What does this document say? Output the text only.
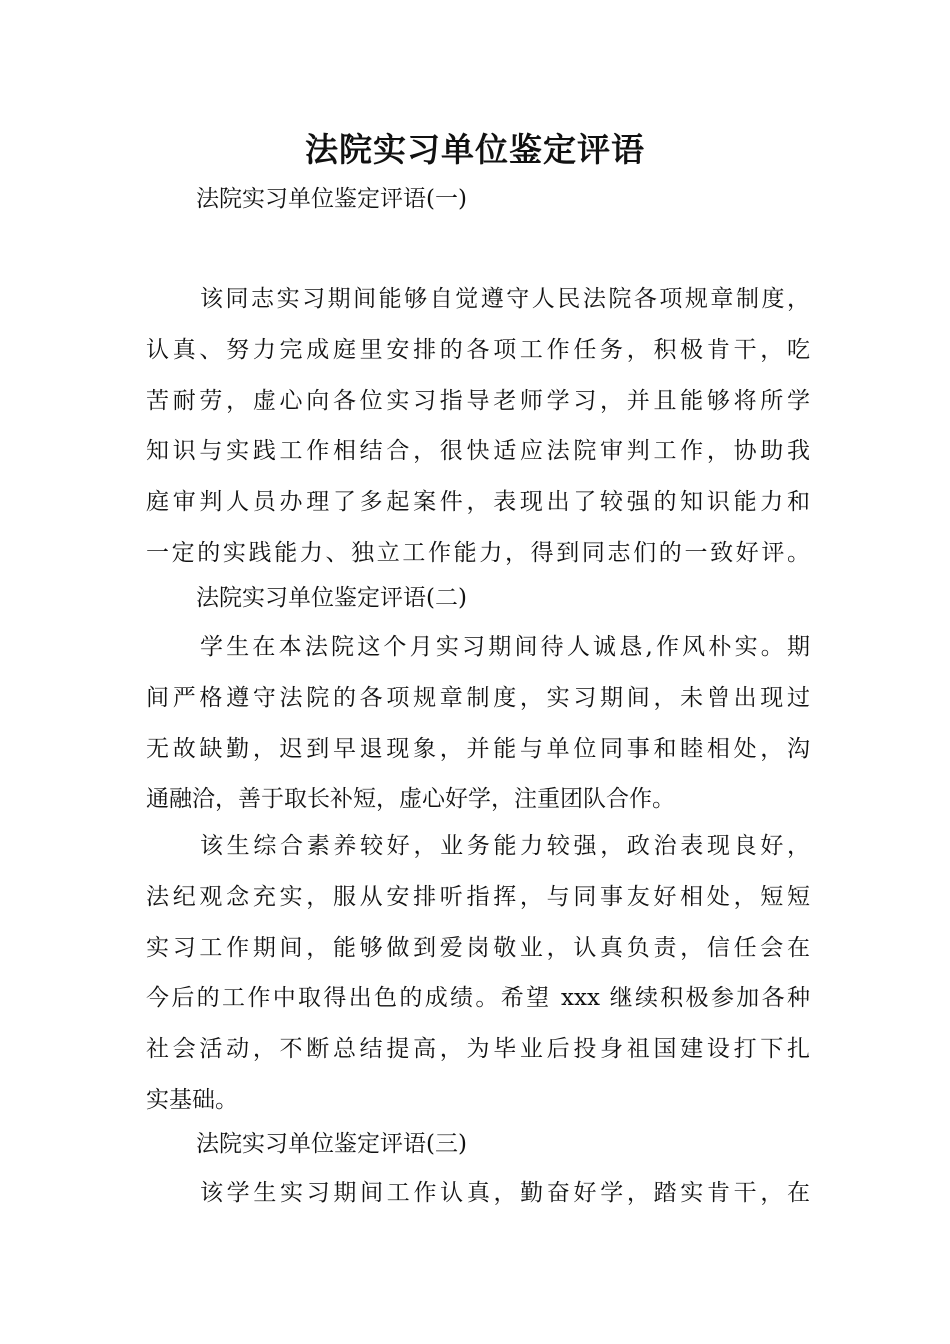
法院实习单位鉴定评语
法院实习单位鉴定评语(一)
该同志实习期间能够自觉遵守人民法院各项规章制度，
认真、努力完成庭里安排的各项工作任务，积极肯干，吃
苦耐劳，虚心向各位实习指导老师学习，并且能够将所学
知识与实践工作相结合，很快适应法院审判工作，协助我
庭审判人员办理了多起案件，表现出了较强的知识能力和
一定的实践能力、独立工作能力，得到同志们的一致好评。
法院实习单位鉴定评语(二)
学生在本法院这个月实习期间待人诚恳,作风朴实。期
间严格遵守法院的各项规章制度，实习期间，未曾出现过
无故缺勤，迟到早退现象，并能与单位同事和睦相处，沟
通融洽，善于取长补短，虚心好学，注重团队合作。
该生综合素养较好，业务能力较强，政治表现良好，
法纪观念充实，服从安排听指挥，与同事友好相处，短短
实习工作期间，能够做到爱岗敬业，认真负责，信任会在
今后的工作中取得出色的成绩。希望 xxx 继续积极参加各种
社会活动，不断总结提高，为毕业后投身祖国建设打下扎
实基础。
法院实习单位鉴定评语(三)
该学生实习期间工作认真，勤奋好学，踏实肯干，在
